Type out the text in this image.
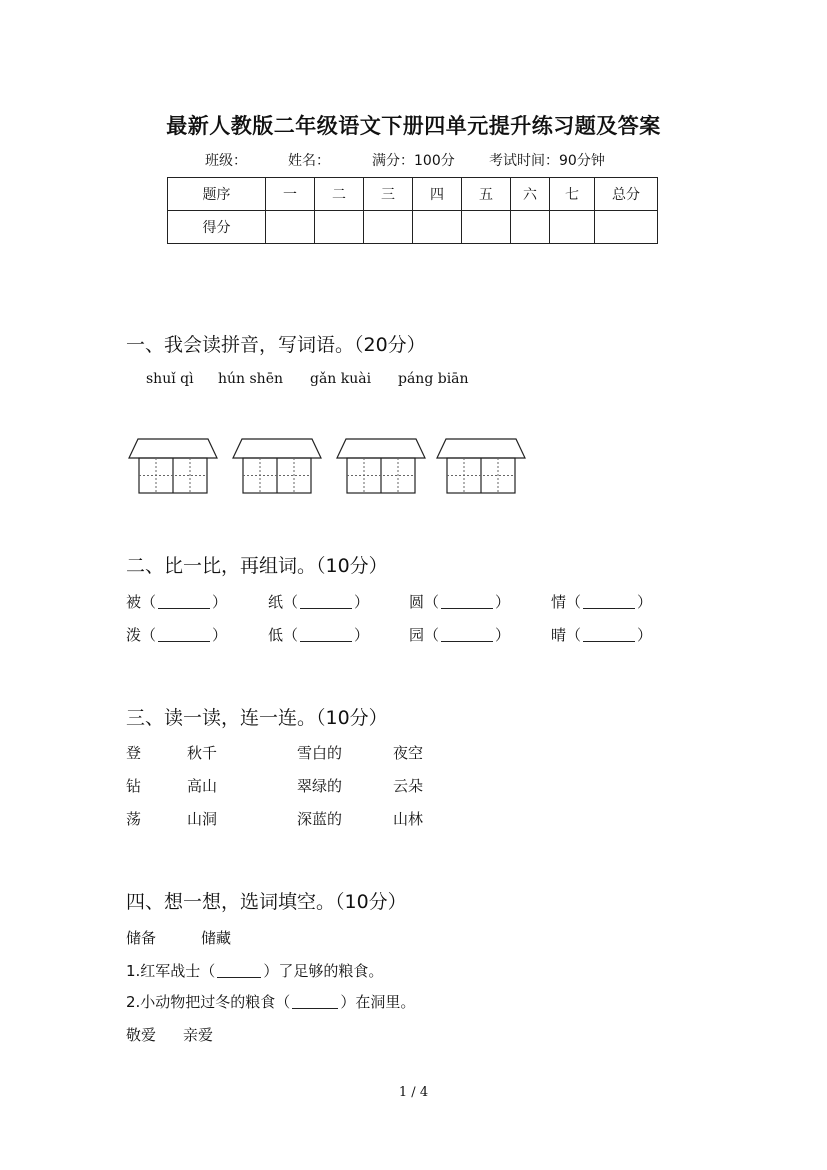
最新人教版二年级语文下册四单元提升练习题及答案
班级：	姓名：	满分：100分 考试时间：90分钟
题序	一	二	三	四	五	六	七	总分
得分								
一、我会读拼音，写词语。（20分）
shuǐ qì hún shēn gǎn kuài páng biān
二、比一比，再组词。（10分）
被（	）	纸（	）	圆（	）	情（	）
泼（	）	低（	）	园（	）	晴（	）
三、读一读，连一连。（10分）
登	秋千	雪白的	夜空
钻	高山	翠绿的	云朵
荡	山洞	深蓝的	山林
四、想一想，选词填空。（10分）
储备	储藏
1.红军战士（	）了足够的粮食。
2.小动物把过冬的粮食（	）在洞里。
敬爱 亲爱
1 / 4
